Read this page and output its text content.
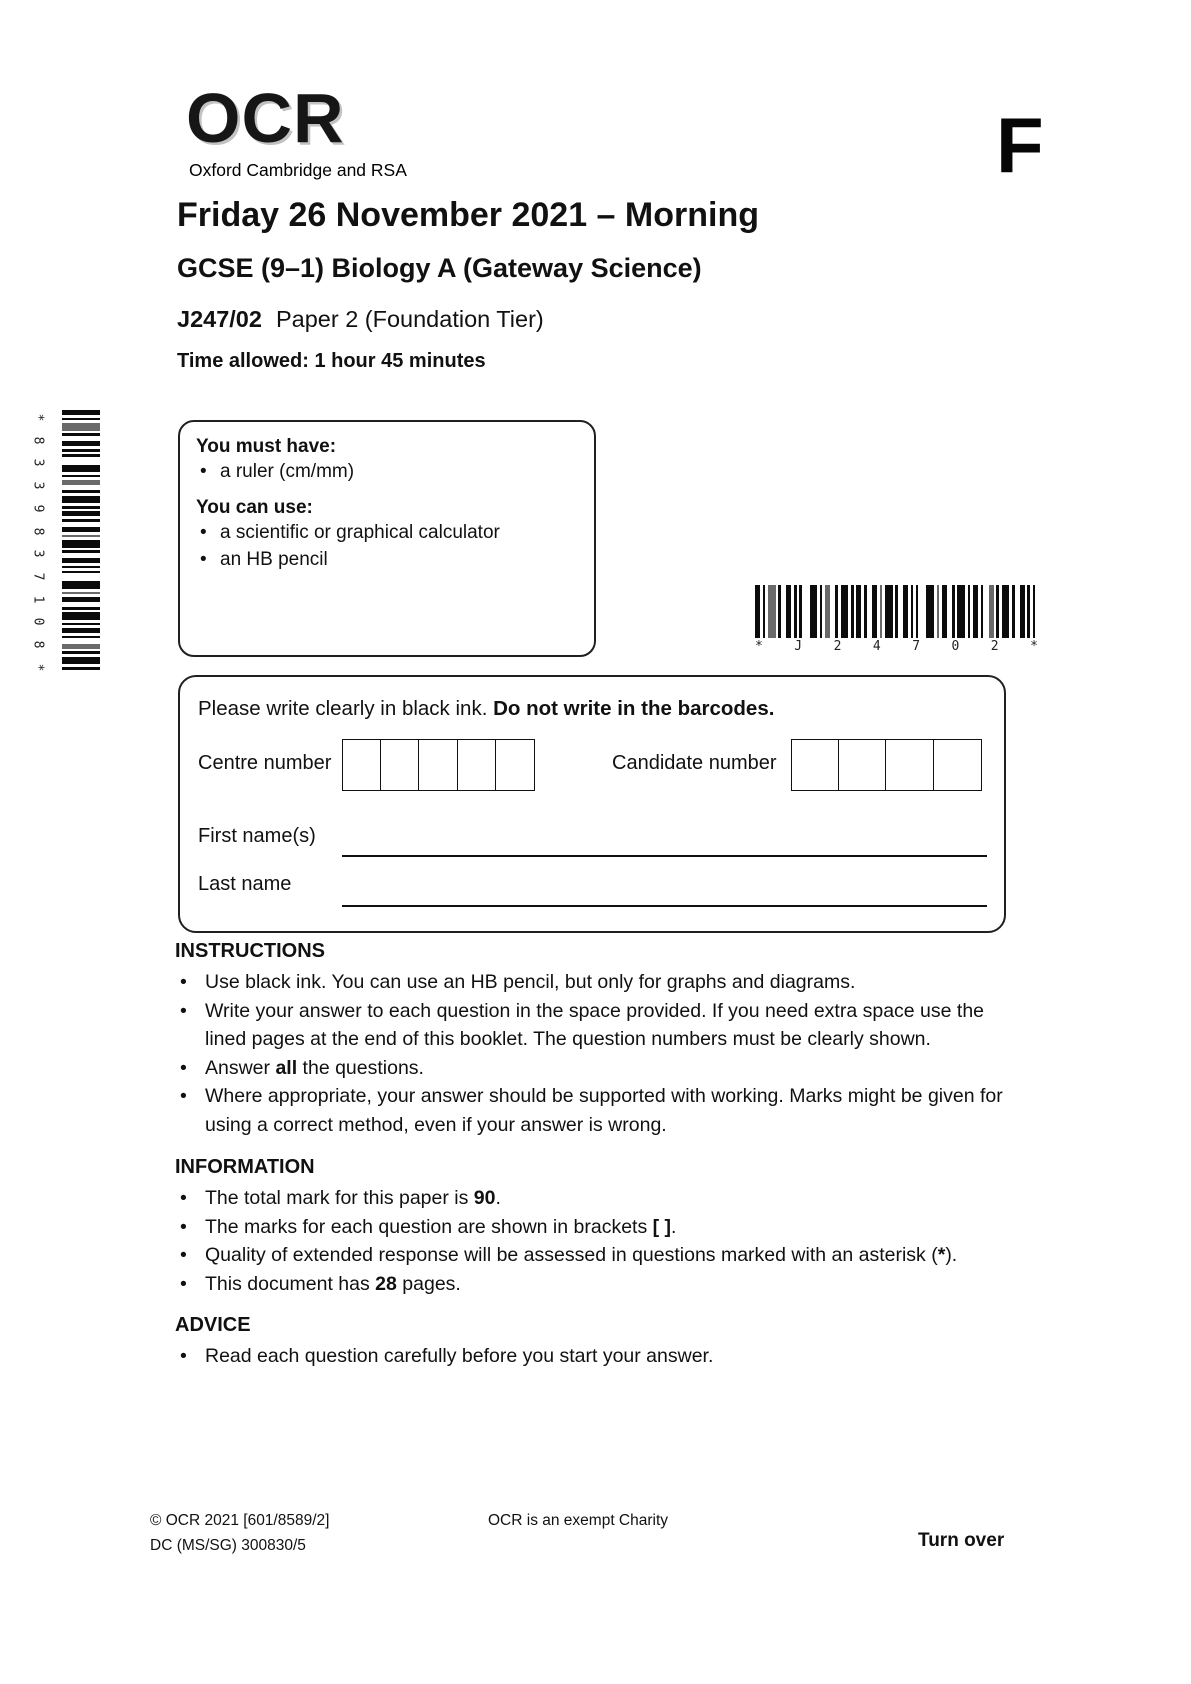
OCR
Oxford Cambridge and RSA	F
Friday 26 November 2021 – Morning
GCSE (9–1) Biology A (Gateway Science)
J247/02 Paper 2 (Foundation Tier)
Time allowed: 1 hour 45 minutes
You must have:
• a ruler (cm/mm)
You can use:
• a scientific or graphical calculator
• an HB pencil
*
8
3
3
9
8
3
7
1
0
8
*
* J 2 4 7 0 2 *
Please write clearly in black ink. Do not write in the barcodes.
Centre number	Candidate number
First name(s)
Last name
INSTRUCTIONS
• Use black ink. You can use an HB pencil, but only for graphs and diagrams.
• Write your answer to each question in the space provided. If you need extra space use the lined pages at the end of this booklet. The question numbers must be clearly shown.
• Answer all the questions.
• Where appropriate, your answer should be supported with working. Marks might be given for using a correct method, even if your answer is wrong.
INFORMATION
• The total mark for this paper is 90.
• The marks for each question are shown in brackets [ ].
• Quality of extended response will be assessed in questions marked with an asterisk (*).
• This document has 28 pages.
ADVICE
• Read each question carefully before you start your answer.
© OCR 2021 [601/8589/2]
DC (MS/SG) 300830/5
OCR is an exempt Charity
Turn over
